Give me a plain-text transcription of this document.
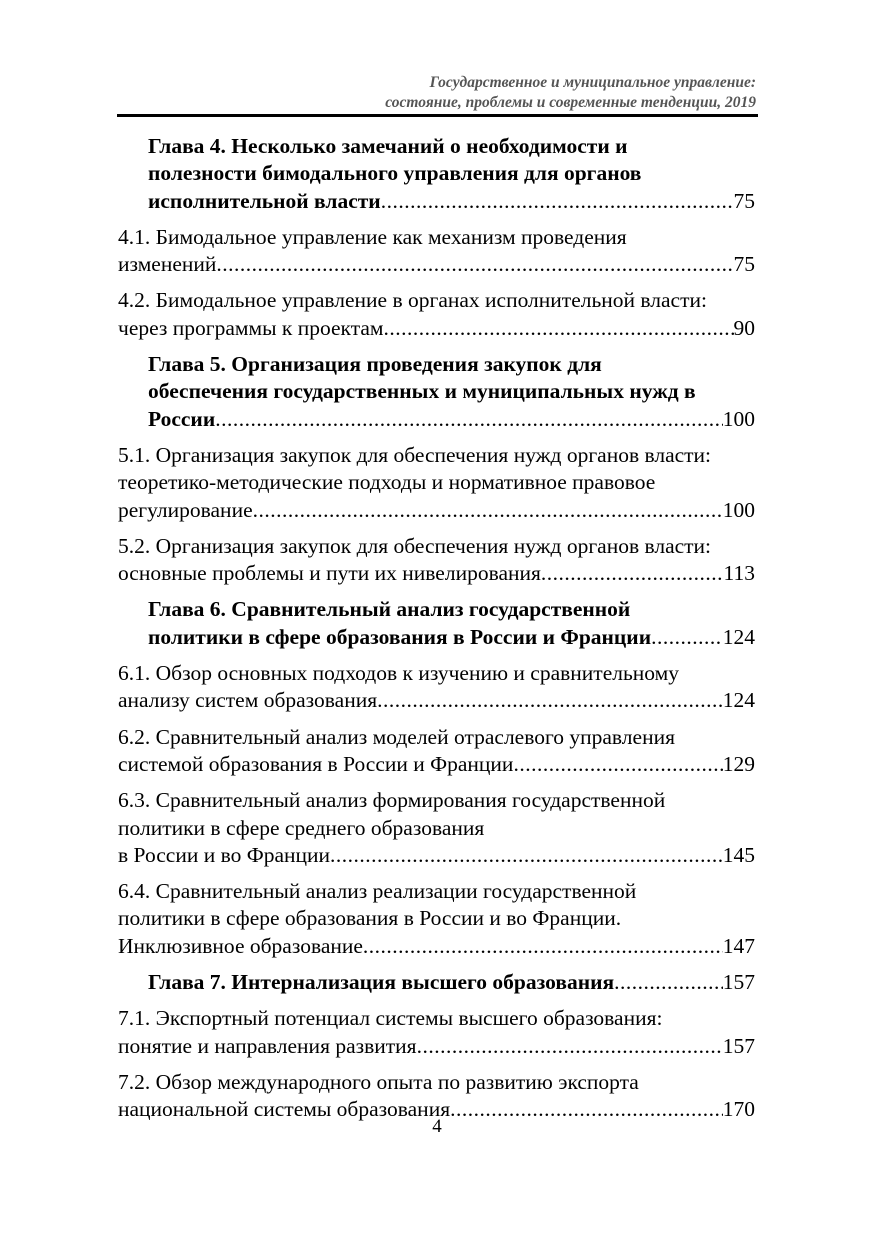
Государственное и муниципальное управление:
состояние, проблемы и современные тенденции, 2019
Глава 4. Несколько замечаний о необходимости и
полезности бимодального управления для органов
исполнительной власти .....	75
4.1. Бимодальное управление как механизм проведения
изменений .....	75
4.2. Бимодальное управление в органах исполнительной власти:
через программы к проектам .....	90
Глава 5. Организация проведения закупок для
обеспечения государственных и муниципальных нужд в
России .....	100
5.1. Организация закупок для обеспечения нужд органов власти:
теоретико-методические подходы и нормативное правовое
регулирование .....	100
5.2. Организация закупок для обеспечения нужд органов власти:
основные проблемы и пути их нивелирования .....	113
Глава 6. Сравнительный анализ государственной
политики в сфере образования в России и Франции .....	124
6.1. Обзор основных подходов к изучению и сравнительному
анализу систем образования .....	124
6.2. Сравнительный анализ моделей отраслевого управления
системой образования в России и Франции .....	129
6.3. Сравнительный анализ формирования государственной
политики в сфере среднего образования
в России и во Франции .....	145
6.4. Сравнительный анализ реализации государственной
политики в сфере образования в России и во Франции.
Инклюзивное образование .....	147
Глава 7. Интернализация высшего образования .....	157
7.1. Экспортный потенциал системы высшего образования:
понятие и направления развития .....	157
7.2. Обзор международного опыта по развитию экспорта
национальной системы образования .....	170
4
